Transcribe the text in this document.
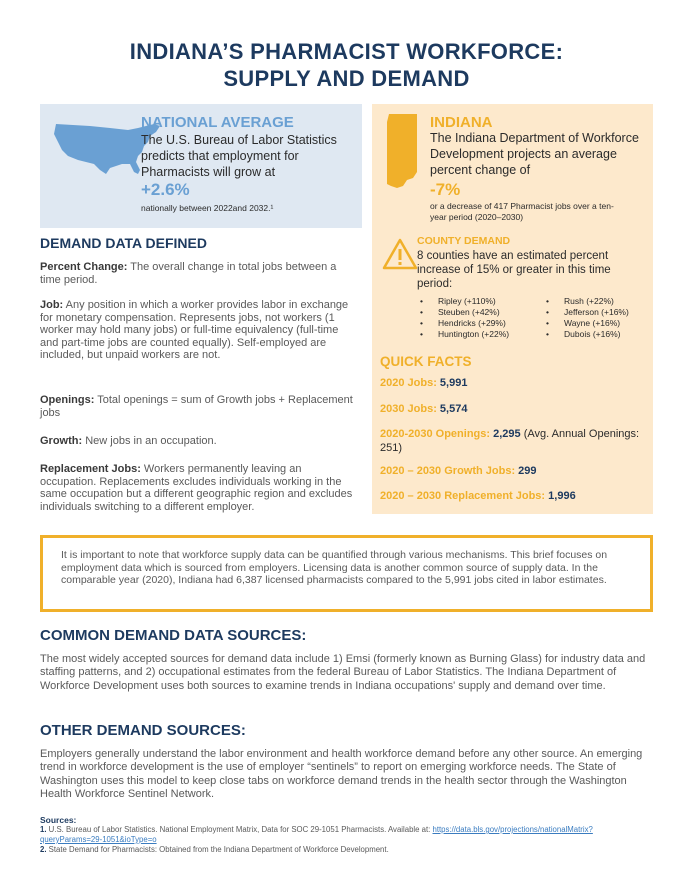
INDIANA’S PHARMACIST WORKFORCE:
SUPPLY AND DEMAND
NATIONAL AVERAGE
The U.S. Bureau of Labor Statistics predicts that employment for Pharmacists will grow at
+2.6%
nationally between 2022and 2032.¹
INDIANA
The Indiana Department of Workforce Development projects an average percent change of
-7%
or a decrease of 417 Pharmacist jobs over a ten-year period (2020–2030)
COUNTY DEMAND
8 counties have an estimated percent increase of 15% or greater in this time period:
• Ripley (+110%)
• Steuben (+42%)
• Hendricks (+29%)
• Huntington (+22%)
• Rush (+22%)
• Jefferson (+16%)
• Wayne (+16%)
• Dubois (+16%)
QUICK FACTS
2020 Jobs: 5,991
2030 Jobs: 5,574
2020-2030 Openings: 2,295 (Avg. Annual Openings: 251)
2020 – 2030 Growth Jobs: 299
2020 – 2030 Replacement Jobs: 1,996
DEMAND DATA DEFINED
Percent Change: The overall change in total jobs between a time period.
Job: Any position in which a worker provides labor in exchange for monetary compensation. Represents jobs, not workers (1 worker may hold many jobs) or full-time equivalency (full-time and part-time jobs are counted equally). Self-employed are included, but unpaid workers are not.
Openings: Total openings = sum of Growth jobs + Replacement jobs
Growth: New jobs in an occupation.
Replacement Jobs: Workers permanently leaving an occupation. Replacements excludes individuals working in the same occupation but a different geographic region and excludes individuals switching to a different employer.

It is important to note that workforce supply data can be quantified through various mechanisms. This brief focuses on employment data which is sourced from employers. Licensing data is another common source of supply data. In the comparable year (2020), Indiana had 6,387 licensed pharmacists compared to the 5,991 jobs cited in labor estimates.

COMMON DEMAND DATA SOURCES:
The most widely accepted sources for demand data include 1) Emsi (formerly known as Burning Glass) for industry data and staffing patterns, and 2) occupational estimates from the federal Bureau of Labor Statistics. The Indiana Department of Workforce Development uses both sources to examine trends in Indiana occupations' supply and demand over time.
OTHER DEMAND SOURCES:
Employers generally understand the labor environment and health workforce demand before any other source. An emerging trend in workforce development is the use of employer “sentinels” to report on emerging workforce needs. The State of Washington uses this model to keep close tabs on workforce demand trends in the health sector through the Washington Health Workforce Sentinel Network.
Sources:
1. U.S. Bureau of Labor Statistics. National Employment Matrix, Data for SOC 29-1051 Pharmacists. Available at: https://data.bls.gov/projections/nationalMatrix?queryParams=29-1051&ioType=o
2. State Demand for Pharmacists: Obtained from the Indiana Department of Workforce Development.
